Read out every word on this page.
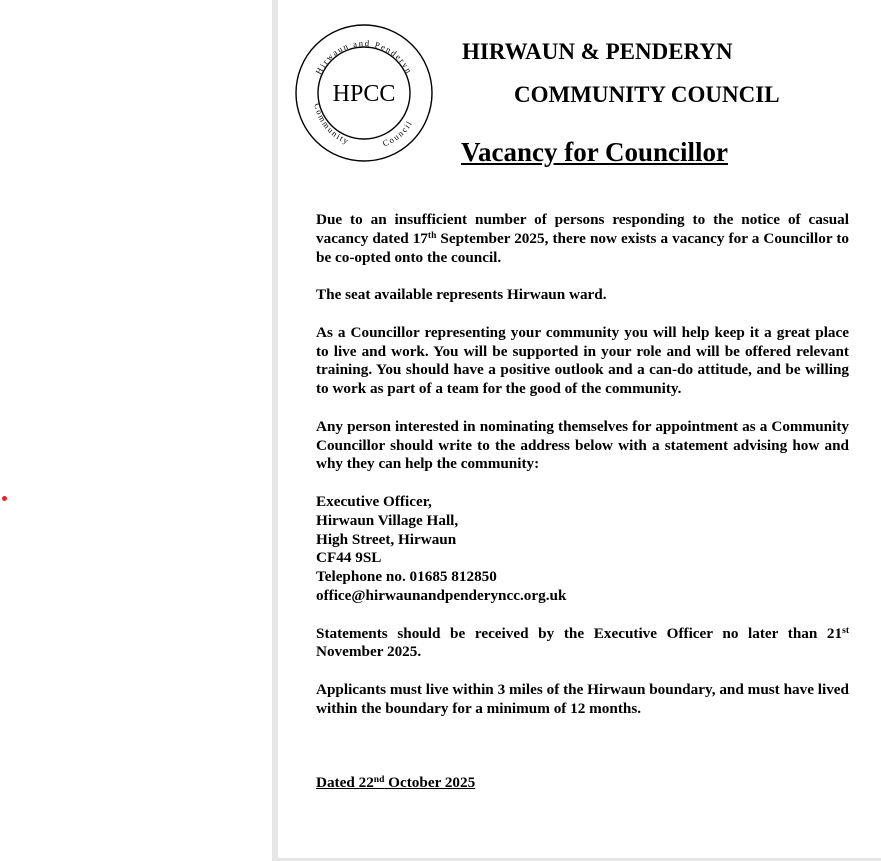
HPCC
Hirwaun and Penderyn
Community	Council
HIRWAUN & PENDERYN
COMMUNITY COUNCIL
Vacancy for Councillor

Due to an insufficient number of persons responding to the notice of casual vacancy dated 17th September 2025, there now exists a vacancy for a Councillor to be co-opted onto the council.

The seat available represents Hirwaun ward.

As a Councillor representing your community you will help keep it a great place to live and work. You will be supported in your role and will be offered relevant training. You should have a positive outlook and a can-do attitude, and be willing to work as part of a team for the good of the community.

Any person interested in nominating themselves for appointment as a Community Councillor should write to the address below with a statement advising how and why they can help the community:

Executive Officer,
Hirwaun Village Hall,
High Street, Hirwaun
CF44 9SL
Telephone no. 01685 812850
office@hirwaunandpenderyncc.org.uk

Statements should be received by the Executive Officer no later than 21st November 2025.

Applicants must live within 3 miles of the Hirwaun boundary, and must have lived within the boundary for a minimum of 12 months.

Dated 22nd October 2025
